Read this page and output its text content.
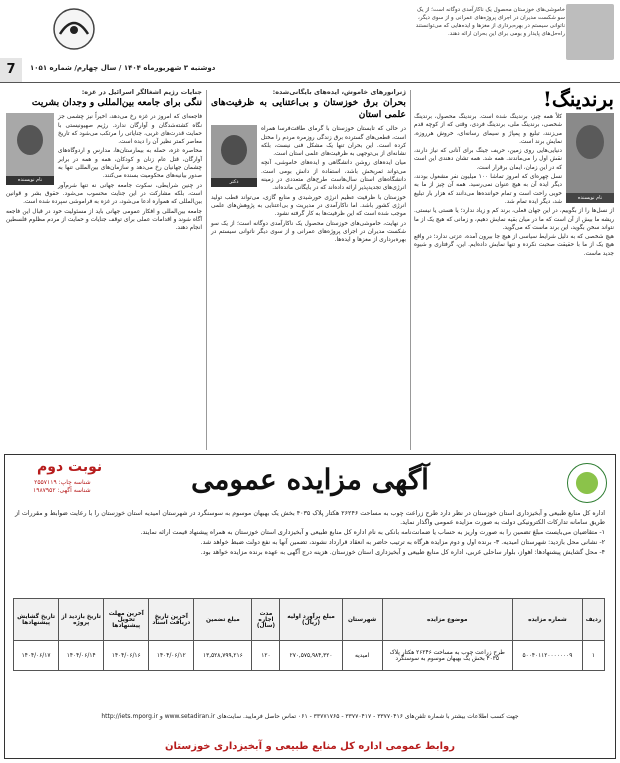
خاموشی‌های خوزستان محصول یک ناکارآمدی دوگانه است؛ از یک سو شکست مدیران در اجرای پروژه‌های عمرانی و از سوی دیگر، ناتوانی سیستم در بهره‌برداری از مغزها و ایده‌هایی که می‌توانستند راه‌حل‌های پایدار و بومی برای این بحران ارائه دهند.
دوشنبه ۳ شهریورماه ۱۴۰۴ / سال چهارم/ شماره ۱۰۵۱
7
برندینگ!
نام نویسنده

کلاً همه چیز، برندینگ شده است. برندینگ محصول، برندینگ شخصی، برندینگ ملی، برندینگ فردی، وقتی که از کوچه قدم می‌زنند، تبلیغ و پمپاژ و سیمای رسانه‌ای، خروش هرروزه، نمایش برند است.

دنیایی‌هایی روی زمین، حریف جینگ برای آنانی که نیاز دارند، نقش اول را می‌ماندند. همه شد. همه تشان دهندی این است که در این زمان، ایمان برقرار است.

نسل چهره‌ای که امروز تماشا ۱۰۰ میلیون نفر مشغول بودند، دیگر ایده آن به هیچ عنوان نمی‌رسید. همه آن چیز از ما به خوبی راحت است و تمام خواننده‌ها می‌دانند که هزار بار تبلیغ شد، دیگر ایده تمام شد.

از نسل‌ها را از بگوییم، در این جهان فعلی، برند کم و زیاد ندارد؛ یا هستی یا نیستی. ریشه ما بیش از آن است که ما در میان بقیه نمایش دهیم، و زمانی که هیچ یک از ما نتواند سخن بگوید، این برند ماست که می‌گوید.

هیچ شخصی که به دلیل شرایط سیاسی از هیچ جا بیرون آمده، عزتی ندارد؛ در واقع هیچ یک از ما با حقیقت صحبت نکرده و تنها نمایش داده‌ایم. این، گرفتاری و شیوه جدید ماست.

ژنرانورهای خاموش، ایده‌های بایگانی‌شده:
بحران برق خوزستان و بی‌اعتنایی به ظرفیت‌های علمی استان
دکتر

در حالی که تابستان خوزستان با گرمای طاقت‌فرسا همراه است، قطعی‌های گسترده برق زندگی روزمره مردم را مختل کرده است. این بحران تنها یک مشکل فنی نیست، بلکه نشانه‌ای از بی‌توجهی به ظرفیت‌های علمی استان است.

میان ایده‌های روشن دانشگاهی و ایده‌های خاموشی، آنچه می‌تواند ثمربخش باشد، استفاده از دانش بومی است. دانشگاه‌های استان سال‌هاست طرح‌های متعددی در زمینه انرژی‌های تجدیدپذیر ارائه داده‌اند که در بایگانی مانده‌اند.

خوزستان با ظرفیت عظیم انرژی خورشیدی و منابع گازی، می‌تواند قطب تولید انرژی کشور باشد. اما ناکارآمدی در مدیریت و بی‌اعتنایی به پژوهش‌های علمی موجب شده است که این ظرفیت‌ها به کار گرفته نشود.

در نهایت، خاموشی‌های خوزستان محصول یک ناکارآمدی دوگانه است؛ از یک سو شکست مدیران در اجرای پروژه‌های عمرانی و از سوی دیگر ناتوانی سیستم در بهره‌برداری از مغزها و ایده‌ها.

جنایات رژیم اشغالگر اسرائیل در غزه:
ننگی برای جامعه بین‌المللی و وجدان بشریت
نام نویسنده

فاجعه‌ای که امروز در غزه رخ می‌دهد، اخیراً نیز چشمی جز نگاه کشته‌شدگان و آوارگان ندارد. رژیم صهیونیستی با حمایت قدرت‌های غربی، جنایاتی را مرتکب می‌شود که تاریخ معاصر کمتر نظیر آن را دیده است.

محاصره غزه، حمله به بیمارستان‌ها، مدارس و اردوگاه‌های آوارگان، قتل عام زنان و کودکان، همه و همه در برابر چشمان جهانیان رخ می‌دهد و سازمان‌های بین‌المللی تنها به صدور بیانیه‌های محکومیت بسنده می‌کنند.

در چنین شرایطی، سکوت جامعه جهانی نه تنها شرم‌آور است، بلکه مشارکت در این جنایت محسوب می‌شود. حقوق بشر و قوانین بین‌المللی که همواره ادعا می‌شود، در غزه به فراموشی سپرده شده است.

جامعه بین‌المللی و افکار عمومی جهانی باید از مسئولیت خود در قبال این فاجعه آگاه شوند و اقدامات عملی برای توقف جنایات و حمایت از مردم مظلوم فلسطین انجام دهند.

آگهی مزایده عمومی
نوبت دوم
شناسه چاپ: ۲۵۵۷۱۱۹
شناسه آگهی: ۱۹۸۷۹۵۲

اداره کل منابع طبیعی و آبخیزداری استان خوزستان در نظر دارد طرح زراعت چوب به مساحت ۲۶۲۴۶ هکتار پلاک ۴۰۳۵ بخش یک بهبهان موسوم به سوسنگرد در شهرستان امیدیه استان خوزستان را با رعایت ضوابط و مقررات از طریق سامانه تدارکات الکترونیکی دولت به صورت مزایده عمومی واگذار نماید.

۱- متقاضیان می‌بایست مبلغ تضمین را به صورت واریز به حساب یا ضمانت‌نامه بانکی به نام اداره کل منابع طبیعی و آبخیزداری استان خوزستان به همراه پیشنهاد قیمت ارائه نمایند.

۲- نشانی محل بازدید: شهرستان امیدیه. ۳- برنده اول و دوم مزایده هرگاه به ترتیب حاضر به انعقاد قرارداد نشوند، تضمین آنها به نفع دولت ضبط خواهد شد.

۴- محل گشایش پیشنهادها: اهواز، بلوار ساحلی غربی، اداره کل منابع طبیعی و آبخیزداری استان خوزستان. هزینه درج آگهی به عهده برنده مزایده خواهد بود.

ردیف	شماره مزایده	موضوع مزایده	شهرستان	مبلغ برآورد اولیه (ریال)	مدت اجاره (سال)	مبلغ تضمین	آخرین تاریخ دریافت اسناد	آخرین مهلت تحویل پیشنهادها	تاریخ بازدید از پروژه	تاریخ گشایش پیشنهادها
۱	۵۰۰۴۰۱۱۲۰۰۰۰۰۰۰۹	طرح زراعت چوب به مساحت ۲۶۲۴۶ هکتار پلاک ۴۰۳۵ بخش یک بهبهان موسوم به سوسنگرد	امیدیه	۲۷۰,۵۷۵,۹۸۴,۳۲۰	۱۲۰	۱۳,۵۲۸,۷۹۹,۲۱۶	۱۴۰۴/۰۶/۱۲	۱۴۰۴/۰۶/۱۶	۱۴۰۴/۰۶/۱۴	۱۴۰۴/۰۶/۱۷
جهت کسب اطلاعات بیشتر با شماره تلفن‌های ۳۳۷۷۰۴۱۶ - ۳۳۷۷۰۴۱۷ - ۳۳۷۷۱۷۶۵ - ۰۶۱ تماس حاصل فرمایید. سایت‌های www.setadiran.ir و http://iets.mporg.ir
روابط عمومی اداره کل منابع طبیعی و آبخیزداری خوزستان
